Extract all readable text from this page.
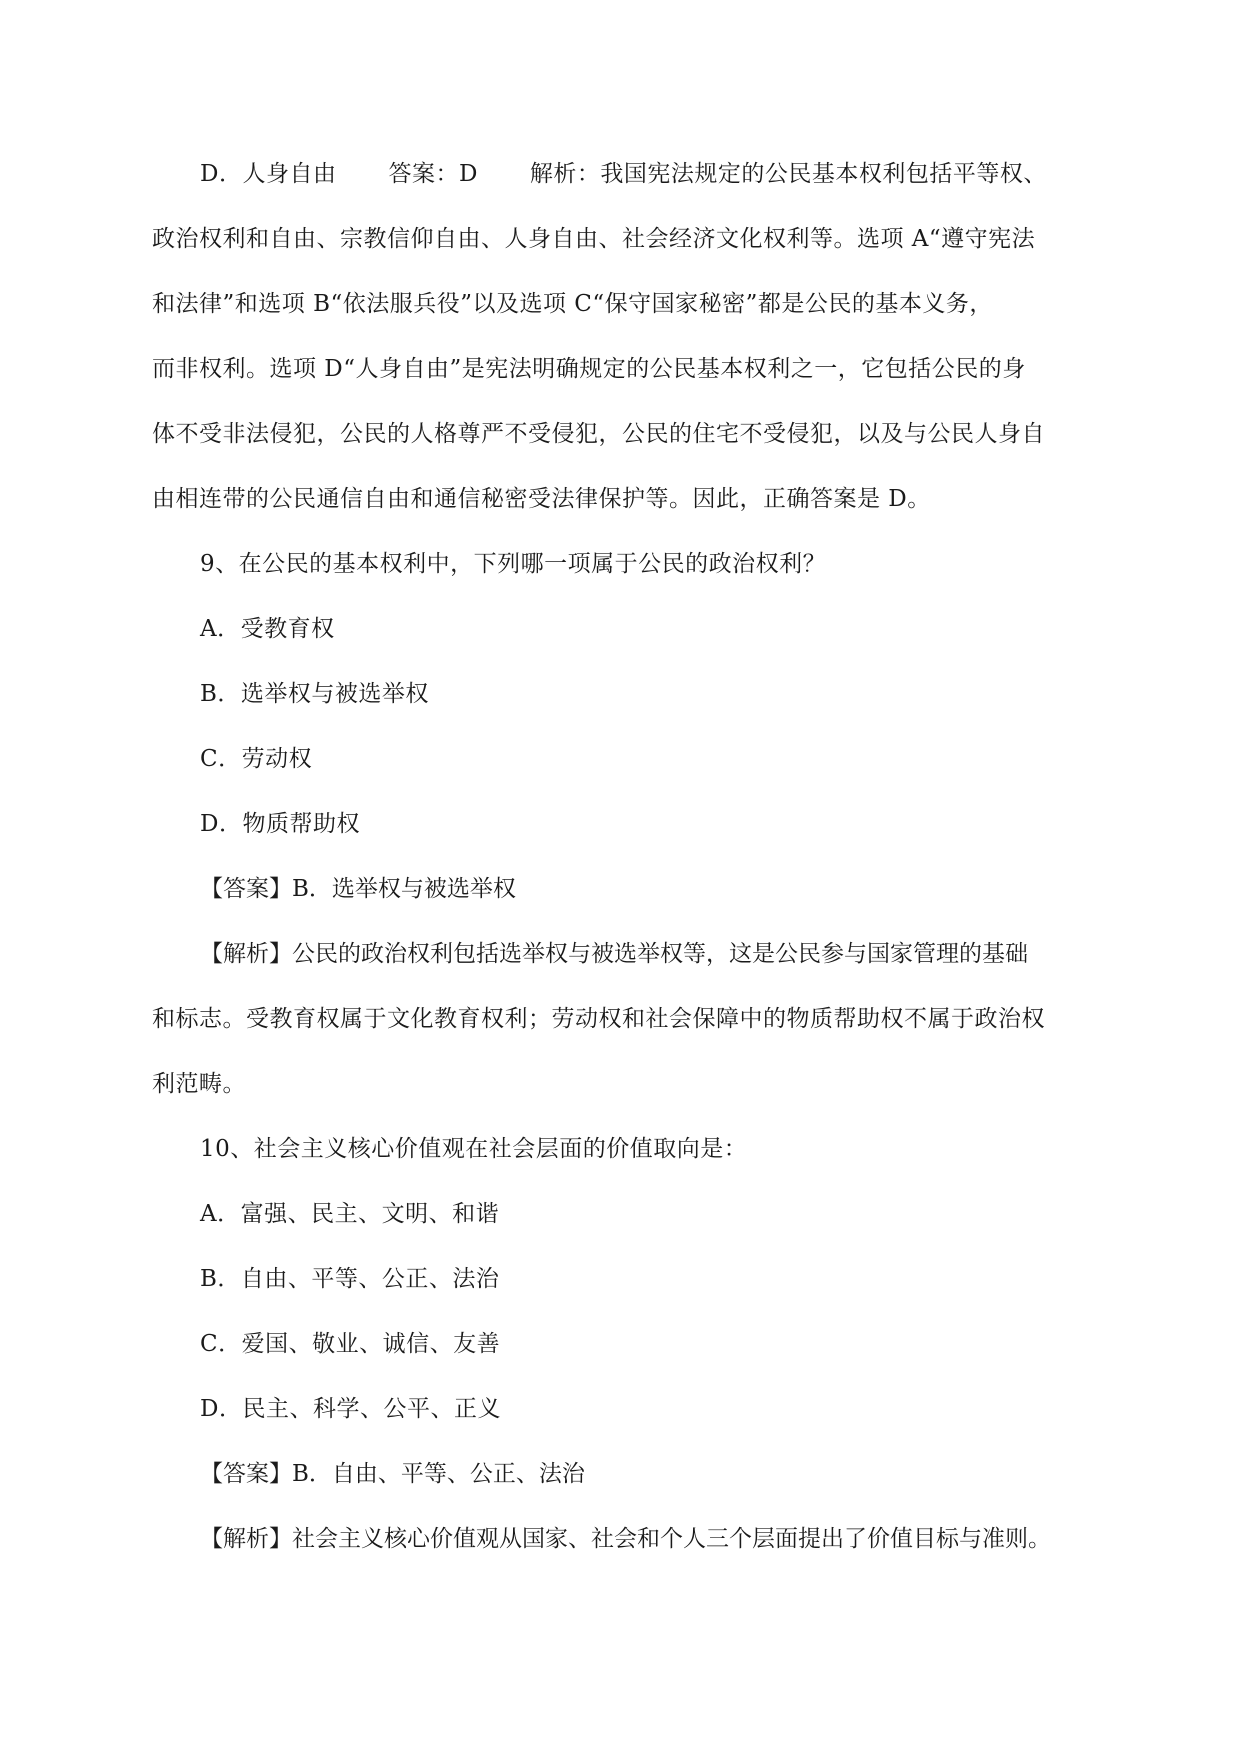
D．人身自由 答案：D 解析：我国宪法规定的公民基本权利包括平等权、

政治权利和自由、宗教信仰自由、人身自由、社会经济文化权利等。选项 A“遵守宪法

和法律”和选项 B“依法服兵役”以及选项 C“保守国家秘密”都是公民的基本义务，

而非权利。选项 D“人身自由”是宪法明确规定的公民基本权利之一，它包括公民的身

体不受非法侵犯，公民的人格尊严不受侵犯，公民的住宅不受侵犯，以及与公民人身自

由相连带的公民通信自由和通信秘密受法律保护等。因此，正确答案是 D。

9、在公民的基本权利中，下列哪一项属于公民的政治权利？

A．受教育权

B．选举权与被选举权

C．劳动权

D．物质帮助权

【答案】B．选举权与被选举权

【解析】公民的政治权利包括选举权与被选举权等，这是公民参与国家管理的基础

和标志。受教育权属于文化教育权利；劳动权和社会保障中的物质帮助权不属于政治权

利范畴。

10、社会主义核心价值观在社会层面的价值取向是：

A．富强、民主、文明、和谐

B．自由、平等、公正、法治

C．爱国、敬业、诚信、友善

D．民主、科学、公平、正义

【答案】B．自由、平等、公正、法治

【解析】社会主义核心价值观从国家、社会和个人三个层面提出了价值目标与准则。
